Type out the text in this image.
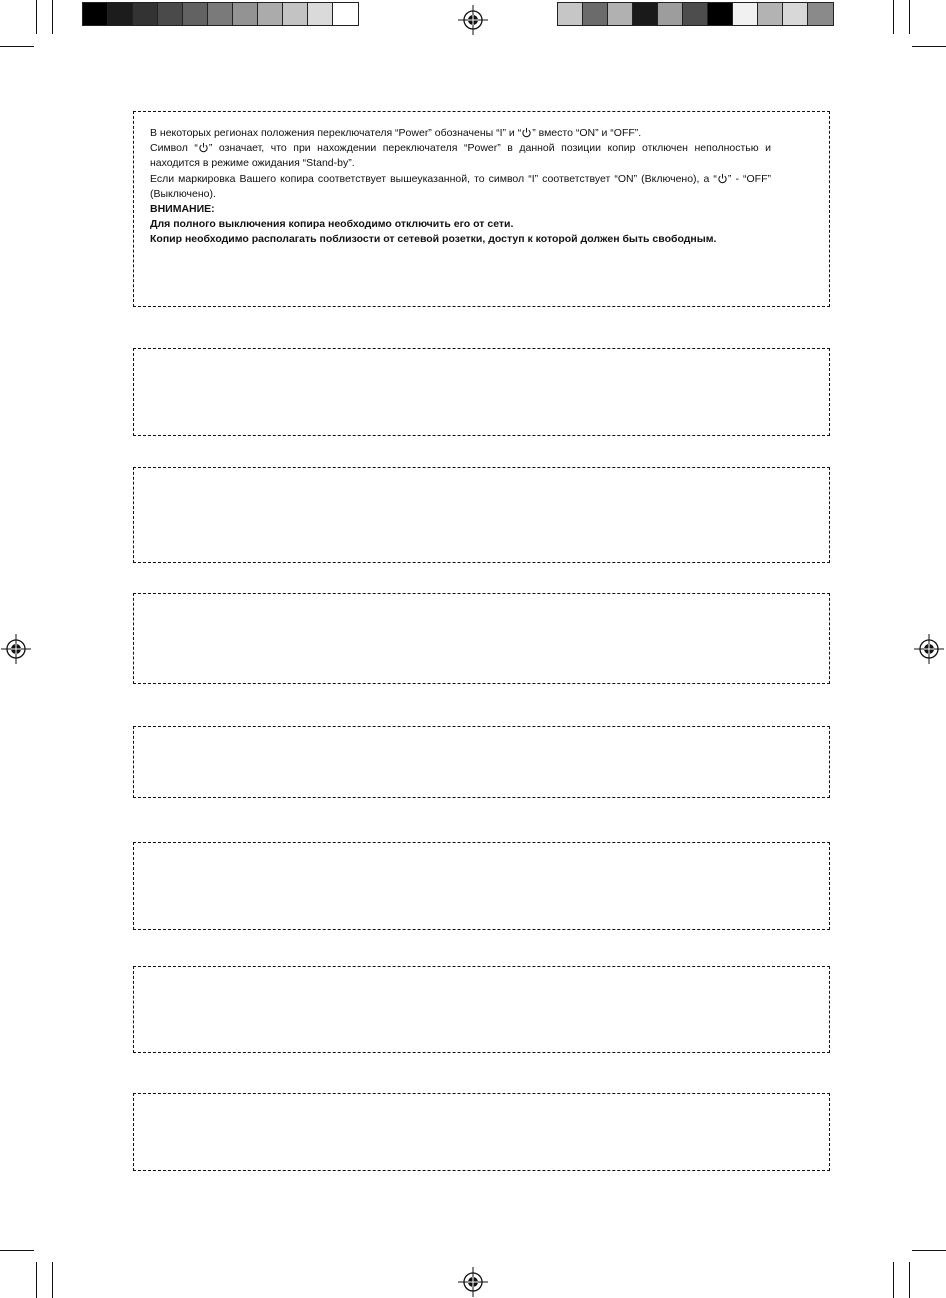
В некоторых регионах положения переключателя “Power” обозначены “I” и “ ” вместо “ON” и “OFF”.

Символ “ ” означает, что при нахождении переключателя “Power” в данной позиции копир отключен неполностью и находится в режиме ожидания “Stand-by”.

Если маркировка Вашего копира соответствует вышеуказанной, то символ “I” соответствует “ON” (Включено), а “ ” - “OFF” (Выключено).

ВНИМАНИЕ:

Для полного выключения копира необходимо отключить его от сети.

Копир необходимо располагать поблизости от сетевой розетки, доступ к которой должен быть свободным.
